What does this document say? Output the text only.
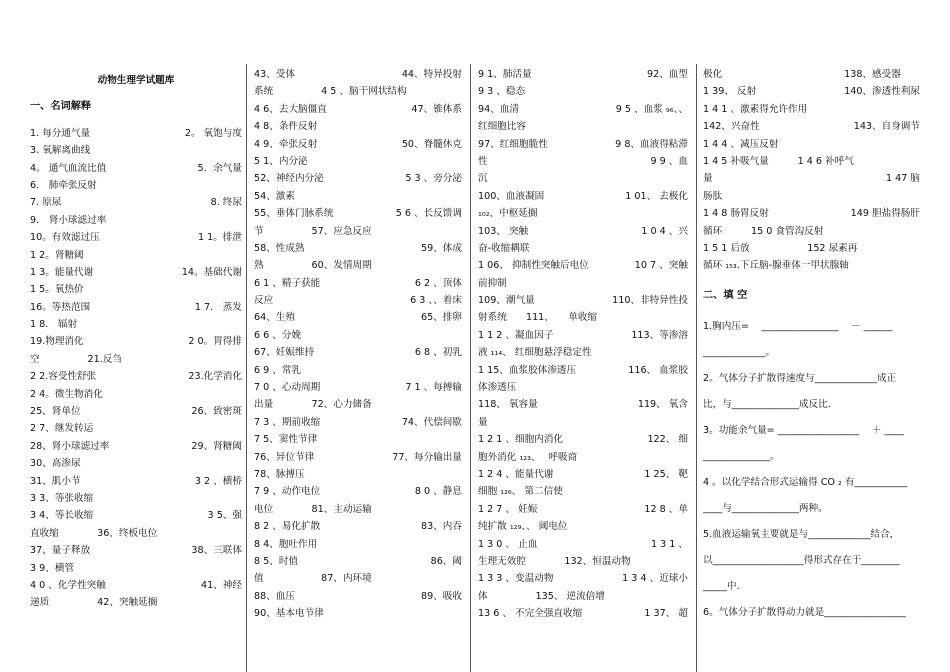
动物生理学试题库
一、名词解释
1. 每分通气量	2。 氧饱与度
3. 氧解离曲线
4。 通气血流比值	5．余气量
6． 肺牵张反射
7. 原尿	8. 终尿
9． 肾小球滤过率
10。有效滤过压	1 1。排泄
1 2。肾糖阈
1 3。能量代谢	14。基础代谢
1 5。氧热价
16。等热范围	1 7． 蒸发
1 8． 辐射
19.物理消化	2 0。胃得排
空　　　　　21.反刍
2 2.容受性舒张	23.化学消化
2 4。微生物消化
25、肾单位	26、致密斑
2 7、继发转运
28、肾小球滤过率	29、肾糖阈
30、高渗尿
31、肌小节	3 2 、横桥
3 3、等张收缩
3 4、等长收缩	3 5、强
直收缩　　　　36、终板电位
37、量子释放	38、三联体
3 9、横管
4 0 、化学性突触	41、神经
递质　　　　　42、突触延搁
43、受体	44、特异投射
系统　　　　　4 5 、脑干网状结构
4 6、去大脑僵直	47、锥体系
4 8、条件反射
4 9、牵张反射	50、脊髓休克
5 1、内分泌
52、神经内分泌	5 3 、旁分泌
54、激素
55、垂体门脉系统	5 6 、长反馈调
节　　　　　57、应急反应
58、性成熟	59、体成
熟　　　　　60、发情周期
6 1 、精子获能	6 2 、顶体
反应	6 3 、、着床
64、生殖	65、排卵
6 6 、分娩
67、妊娠维持	6 8 、初乳
6 9 、常乳
7 0 、心动周期	7 1 、每搏输
出量　　　　72、心力储备
7 3 、期前收缩	74、代偿间歇
7 5、窦性节律
76、异位节律	77、每分输出量
78、脉搏压
7 9 、动作电位	8 0 、静息
电位　　　　81、主动运输
8 2 、易化扩散	83、内吞
8 4、胞吐作用
8 5、时值	86、阈
值　　　　　　87、内环境
88、血压	89、吸收
90、基本电节律
9 1、肺活量	92、血型
9 3 、稳态
94、血清	9 5 、血浆 ₉₆、、
红细胞比容
97、红细胞脆性	9 8、血液得粘滞
性	9 9 、血
沉
100、血液凝固	1 01、 去极化
₁₀₂、中枢延搁
103、 突触	1 0 4 、兴
奋-收缩耦联
1 06、 抑制性突触后电位	10 7 、突触
前抑制
109、潮气量	110、非特异性投
射系统　　111、　　单收缩
1 1 2 、凝血因子	113、等渗溶
液 ₁₁₄、 红细胞悬浮稳定性
1 15、血浆胶体渗透压	116、 血浆胶
体渗透压
118、 氧容量	119、 氧含
量
1 2 1 、细胞内消化	122、 细
胞外消化 ₁₂₃、　 呼吸商
1 2 4 、能量代谢	1 25、 靶
细胞 ₁₂₆、 第二信使
1 2 7 、 妊娠	12 8 、单
纯扩散 ₁₂₉、、 阈电位
1 3 0 、 止血	1 3 1 、
生理无效腔　　　　132、恒温动物
1 3 3 、变温动物	1 3 4 、近球小
体　　　　　135、 逆流倍增
13 6 、 不完全强直收缩	1 37、 超
极化	138、感受器　　
1 39、 反射	140、渗透性利尿
1 4 1 、激素得允许作用
142、兴奋性	143、自身调节
1 4 4 、减压反射
1 4 5 补吸气量　　　1 4 6 补呼气
量	1 47 脑
肠肽
1 4 8 肠胃反射	149 胆盐得肠肝
循环　　　15 0 食管沟反射
1 5 1 后放　　　　　　152 尿素再
循环 ₁₅₃.下丘脑-腺垂体一甲状腺轴
二、填 空
1.胸内压=　 ________________ 　－ ______
_____________。
2。气体分子扩散得速度与_____________成正
比，与______________成反比.
3。功能余气量= _________________　 ＋ ____
______________。
4 。以化学结合形式运输得 CO ₂ 有___________
____与______________两种。
5.血液运输氧主要就是与_____________结合，
以___________________得形式存在于________
_____中.
6。气体分子扩散得动力就是_________________
